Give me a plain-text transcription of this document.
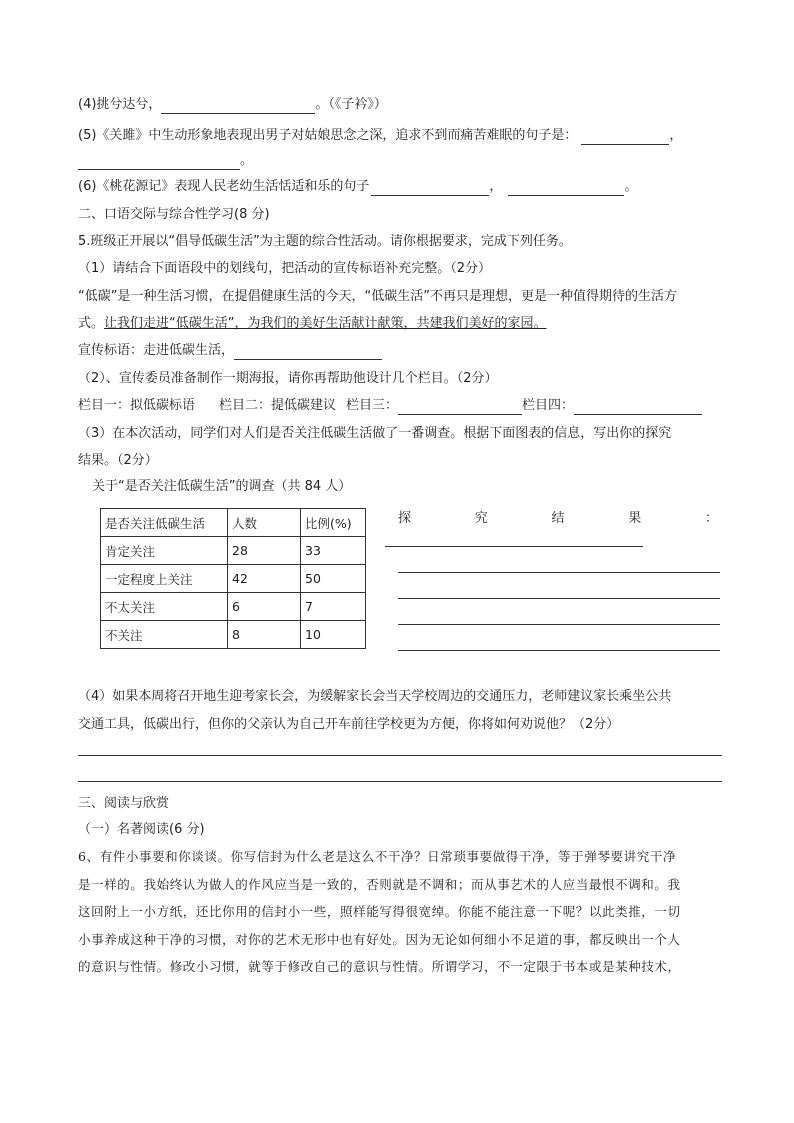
(4)挑兮达兮，	。（《子衿》）
(5)《关雎》中生动形象地表现出男子对姑娘思念之深，追求不到而痛苦难眠的句子是：	，
。
(6)《桃花源记》表现人民老幼生活恬适和乐的句子	，	。
二、口语交际与综合性学习(8 分)
5.班级正开展以“倡导低碳生活”为主题的综合性活动。请你根据要求，完成下列任务。
（1）请结合下面语段中的划线句，把活动的宣传标语补充完整。（2分）
“低碳”是一种生活习惯，在提倡健康生活的今天，“低碳生活”不再只是理想，更是一种值得期待的生活方
式。让我们走进“低碳生活”，为我们的美好生活献计献策，共建我们美好的家园。
宣传标语：走进低碳生活，
（2）、宣传委员准备制作一期海报，请你再帮助他设计几个栏目。（2分）
栏目一：拟低碳标语 栏目二：提低碳建议 栏目三：	栏目四：
（3）在本次活动，同学们对人们是否关注低碳生活做了一番调查。根据下面图表的信息，写出你的探究
结果。（2分）
关于“是否关注低碳生活”的调查（共 84 人）
是否关注低碳生活	人数	比例(%)
肯定关注	28	33
一定程度上关注	42	50
不太关注	6	7
不关注	8	10
探	究	结	果	：
（4）如果本周将召开地生迎考家长会，为缓解家长会当天学校周边的交通压力，老师建议家长乘坐公共
交通工具，低碳出行，但你的父亲认为自己开车前往学校更为方便，你将如何劝说他？（2分）
三、阅读与欣赏
（一）名著阅读(6 分)
6、有件小事要和你谈谈。你写信封为什么老是这么不干净？日常琐事要做得干净，等于弹琴要讲究干净
是一样的。我始终认为做人的作风应当是一致的，否则就是不调和；而从事艺术的人应当最恨不调和。我
这回附上一小方纸，还比你用的信封小一些，照样能写得很宽绰。你能不能注意一下呢？以此类推，一切
小事养成这种干净的习惯，对你的艺术无形中也有好处。因为无论如何细小不足道的事，都反映出一个人
的意识与性情。修改小习惯，就等于修改自己的意识与性情。所谓学习，不一定限于书本或是某种技术，
